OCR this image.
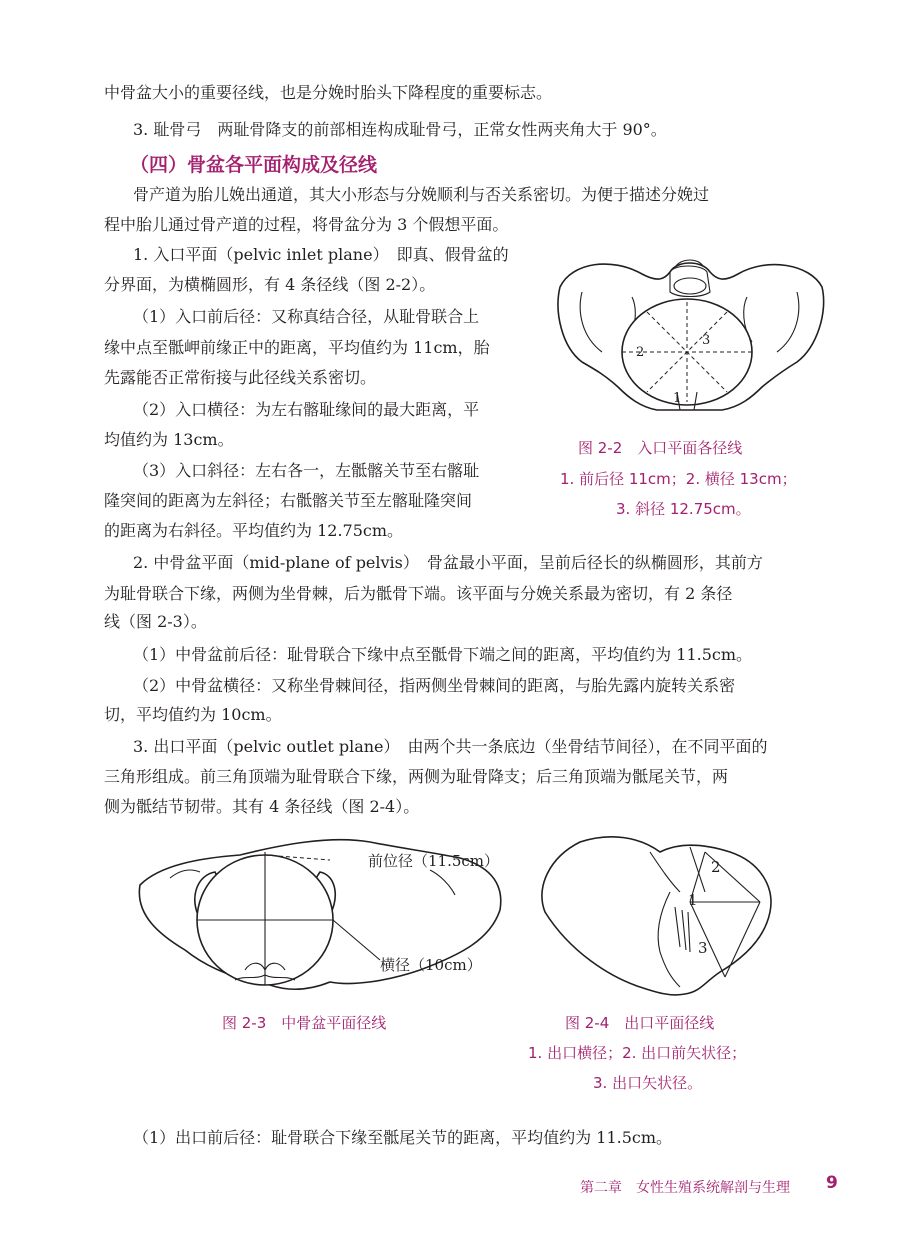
中骨盆大小的重要径线，也是分娩时胎头下降程度的重要标志。

3. 耻骨弓　两耻骨降支的前部相连构成耻骨弓，正常女性两夹角大于 90°。

（四）骨盆各平面构成及径线

骨产道为胎儿娩出通道，其大小形态与分娩顺利与否关系密切。为便于描述分娩过

程中胎儿通过骨产道的过程，将骨盆分为 3 个假想平面。

1. 入口平面（pelvic inlet plane）　即真、假骨盆的

分界面，为横椭圆形，有 4 条径线（图 2-2）。

（1）入口前后径：又称真结合径，从耻骨联合上

缘中点至骶岬前缘正中的距离，平均值约为 11cm，胎

先露能否正常衔接与此径线关系密切。

（2）入口横径：为左右髂耻缘间的最大距离，平

均值约为 13cm。

（3）入口斜径：左右各一，左骶髂关节至右髂耻

隆突间的距离为左斜径；右骶髂关节至左髂耻隆突间

的距离为右斜径。平均值约为 12.75cm。

2. 中骨盆平面（mid-plane of pelvis）　骨盆最小平面，呈前后径长的纵椭圆形，其前方

为耻骨联合下缘，两侧为坐骨棘，后为骶骨下端。该平面与分娩关系最为密切，有 2 条径

线（图 2-3）。

（1）中骨盆前后径：耻骨联合下缘中点至骶骨下端之间的距离，平均值约为 11.5cm。

（2）中骨盆横径：又称坐骨棘间径，指两侧坐骨棘间的距离，与胎先露内旋转关系密

切，平均值约为 10cm。

3. 出口平面（pelvic outlet plane）　由两个共一条底边（坐骨结节间径），在不同平面的

三角形组成。前三角顶端为耻骨联合下缘，两侧为耻骨降支；后三角顶端为骶尾关节，两

侧为骶结节韧带。其有 4 条径线（图 2-4）。

（1）出口前后径：耻骨联合下缘至骶尾关节的距离，平均值约为 11.5cm。

1
2
3
图 2-2　入口平面各径线
1. 前后径 11cm；2. 横径 13cm；
3. 斜径 12.75cm。
前位径（11.5cm）
横径（10cm）
图 2-3　中骨盆平面径线
2
1
3
图 2-4　出口平面径线
1. 出口横径；2. 出口前矢状径；
3. 出口矢状径。
第二章　女性生殖系统解剖与生理 9
